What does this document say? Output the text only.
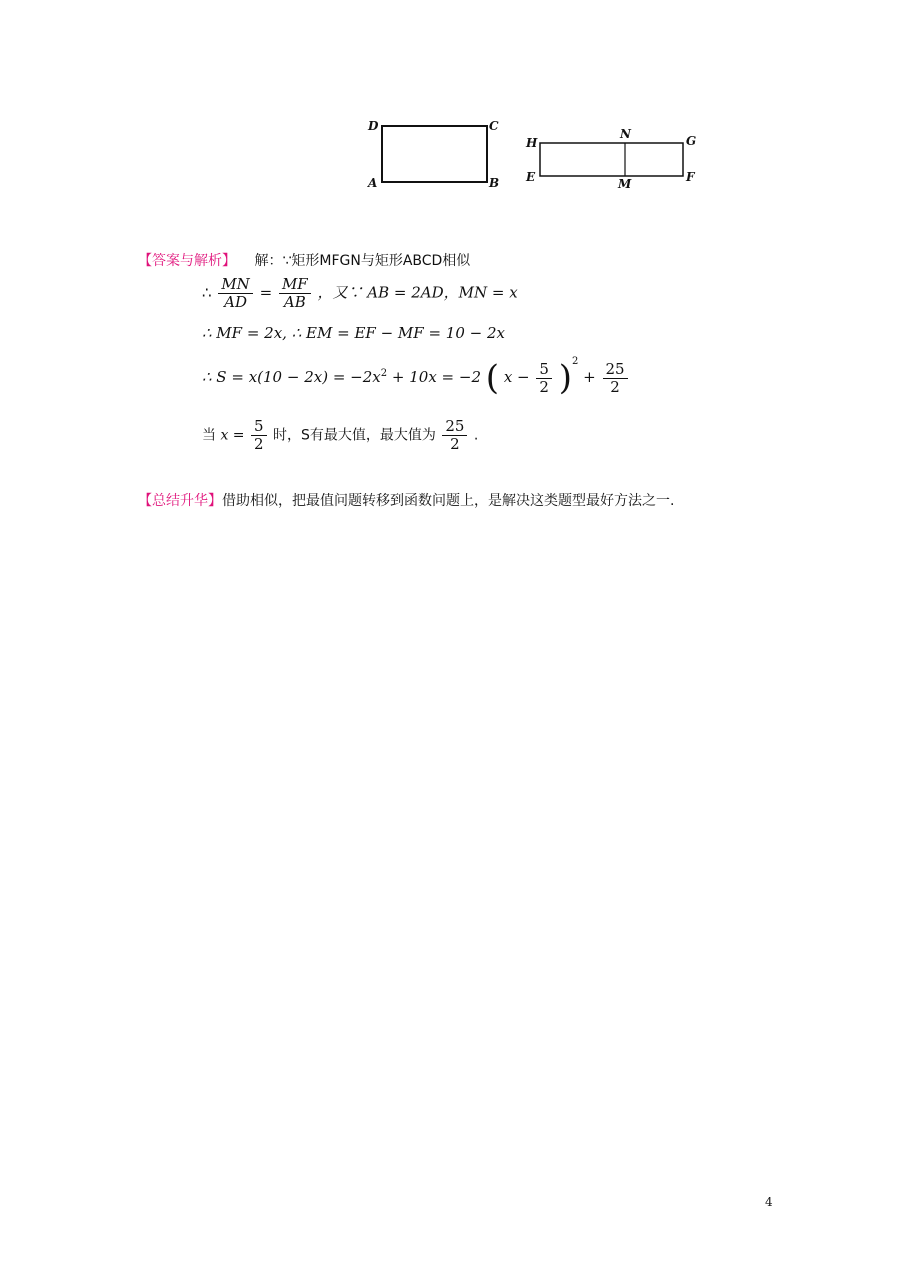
D	C
A	B
H
N	G
E	M	F
【答案与解析】 解：∵矩形MFGN与矩形ABCD相似
∴ $\frac{MN}{AD} = \frac{MF}{AB}$ ，又∵ AB = 2AD，MN = x
∴ MF = 2x, ∴ EM = EF − MF = 10 − 2x
∴ $S = x(10 - 2x) = -2x^2 + 10x = -2$ ( $x - \frac{5}{2} )^2 + \frac{25}{2}$
当 $x = \frac{5}{2}$ 时，S有最大值，最大值为 $\frac{25}{2}$ .
【总结升华】借助相似，把最值问题转移到函数问题上，是解决这类题型最好方法之一.
4
